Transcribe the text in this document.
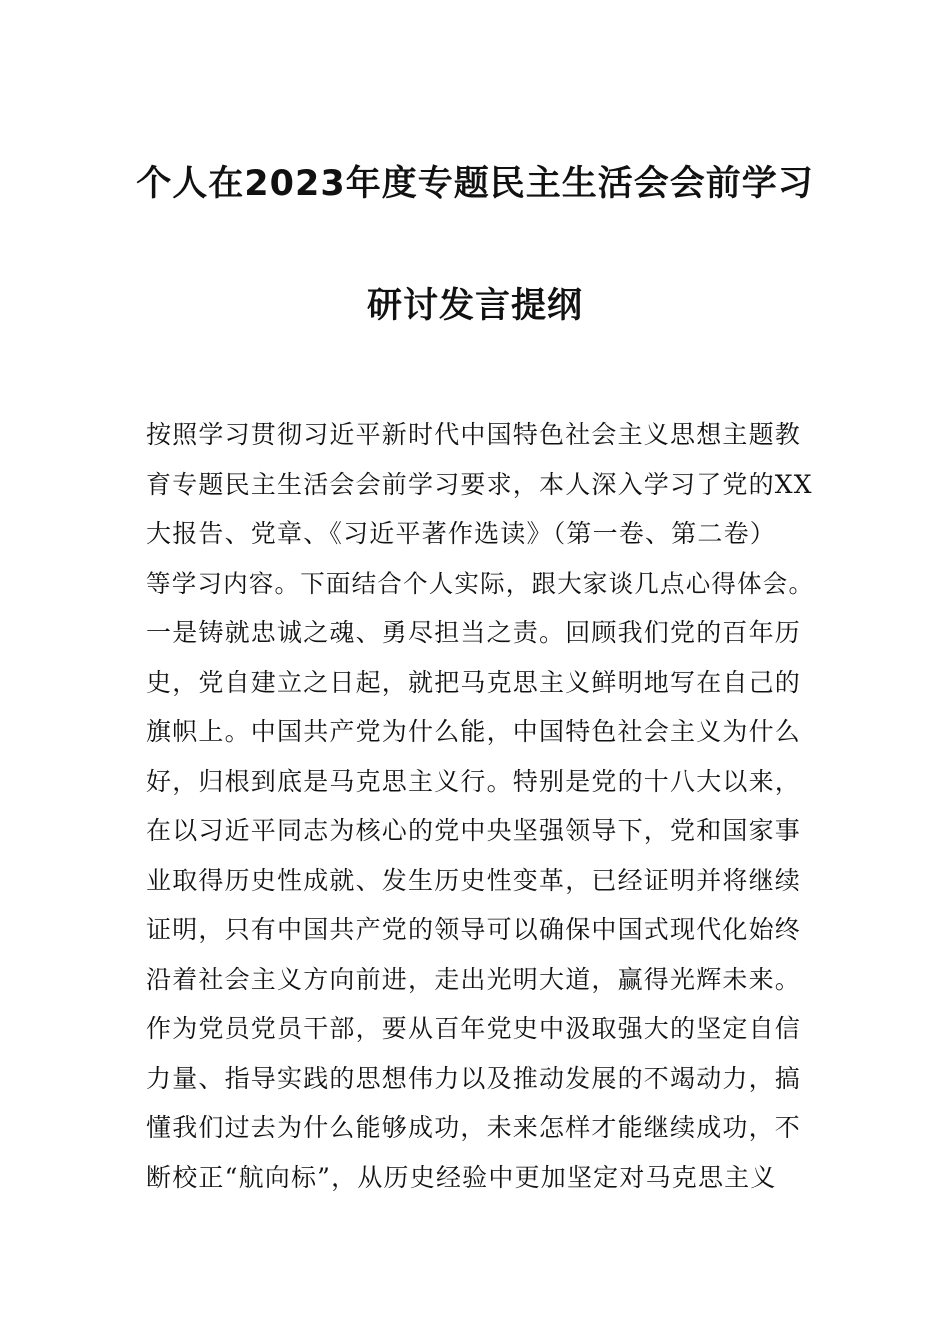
个人在2023年度专题民主生活会会前学习
研讨发言提纲
按照学习贯彻习近平新时代中国特色社会主义思想主题教
育专题民主生活会会前学习要求，本人深入学习了党的XX
大报告、党章、《习近平著作选读》（第一卷、第二卷）
等学习内容。下面结合个人实际，跟大家谈几点心得体会。
一是铸就忠诚之魂、勇尽担当之责。回顾我们党的百年历
史，党自建立之日起，就把马克思主义鲜明地写在自己的
旗帜上。中国共产党为什么能，中国特色社会主义为什么
好，归根到底是马克思主义行。特别是党的十八大以来，
在以习近平同志为核心的党中央坚强领导下，党和国家事
业取得历史性成就、发生历史性变革，已经证明并将继续
证明，只有中国共产党的领导可以确保中国式现代化始终
沿着社会主义方向前进，走出光明大道，赢得光辉未来。
作为党员党员干部，要从百年党史中汲取强大的坚定自信
力量、指导实践的思想伟力以及推动发展的不竭动力，搞
懂我们过去为什么能够成功，未来怎样才能继续成功，不
断校正“航向标”，从历史经验中更加坚定对马克思主义
